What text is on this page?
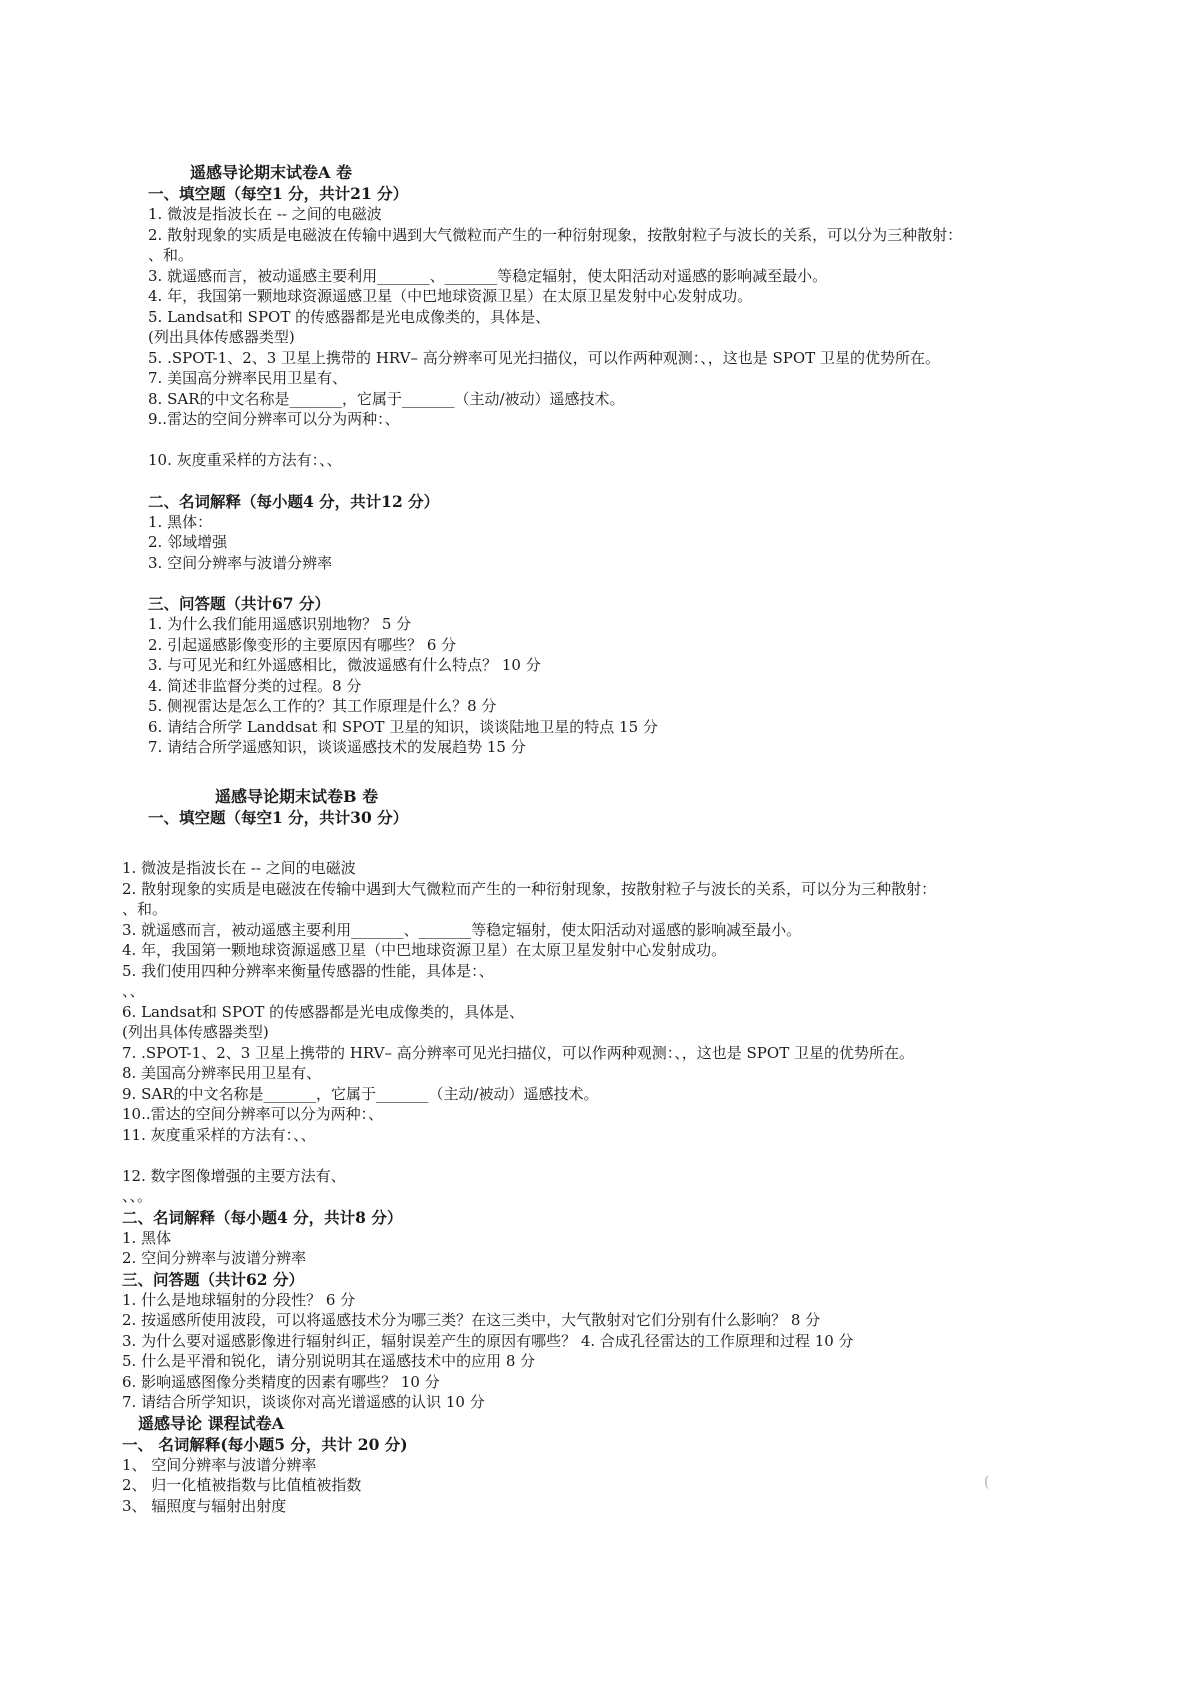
遥感导论期末试卷A 卷
一、填空题（每空1 分，共计21 分）
1. 微波是指波长在 -- 之间的电磁波
2. 散射现象的实质是电磁波在传输中遇到大气微粒而产生的一种衍射现象，按散射粒子与波长的关系，可以分为三种散射：
、和。
3. 就遥感而言，被动遥感主要利用_______、_______等稳定辐射，使太阳活动对遥感的影响减至最小。
4. 年，我国第一颗地球资源遥感卫星（中巴地球资源卫星）在太原卫星发射中心发射成功。
5. Landsat和 SPOT 的传感器都是光电成像类的，具体是、
(列出具体传感器类型)
5. .SPOT-1、2、3 卫星上携带的 HRV– 高分辨率可见光扫描仪，可以作两种观测：、，这也是 SPOT 卫星的优势所在。
7. 美国高分辨率民用卫星有、
8. SAR的中文名称是_______，它属于_______（主动/被动）遥感技术。
9..雷达的空间分辨率可以分为两种：、
10. 灰度重采样的方法有：、、
二、名词解释（每小题4 分，共计12 分）
1. 黑体：
2. 邻域增强
3. 空间分辨率与波谱分辨率
三、问答题（共计67 分）
1. 为什么我们能用遥感识别地物？ 5 分
2. 引起遥感影像变形的主要原因有哪些？ 6 分
3. 与可见光和红外遥感相比，微波遥感有什么特点？ 10 分
4. 简述非监督分类的过程。8 分
5. 侧视雷达是怎么工作的？其工作原理是什么？8 分
6. 请结合所学 Landdsat 和 SPOT 卫星的知识，谈谈陆地卫星的特点 15 分
7. 请结合所学遥感知识，谈谈遥感技术的发展趋势 15 分
遥感导论期末试卷B 卷
一、填空题（每空1 分，共计30 分）
1. 微波是指波长在 -- 之间的电磁波
2. 散射现象的实质是电磁波在传输中遇到大气微粒而产生的一种衍射现象，按散射粒子与波长的关系，可以分为三种散射：
、和。
3. 就遥感而言，被动遥感主要利用_______、_______等稳定辐射，使太阳活动对遥感的影响减至最小。
4. 年，我国第一颗地球资源遥感卫星（中巴地球资源卫星）在太原卫星发射中心发射成功。
5. 我们使用四种分辨率来衡量传感器的性能，具体是：、
、、
6. Landsat和 SPOT 的传感器都是光电成像类的，具体是、
(列出具体传感器类型)
7. .SPOT-1、2、3 卫星上携带的 HRV– 高分辨率可见光扫描仪，可以作两种观测：、，这也是 SPOT 卫星的优势所在。
8. 美国高分辨率民用卫星有、
9. SAR的中文名称是_______，它属于_______（主动/被动）遥感技术。
10..雷达的空间分辨率可以分为两种：、
11. 灰度重采样的方法有：、、
12. 数字图像增强的主要方法有、
、、。
二、名词解释（每小题4 分，共计8 分）
1. 黑体
2. 空间分辨率与波谱分辨率
三、问答题（共计62 分）
1. 什么是地球辐射的分段性？ 6 分
2. 按遥感所使用波段，可以将遥感技术分为哪三类？在这三类中，大气散射对它们分别有什么影响？ 8 分
3. 为什么要对遥感影像进行辐射纠正，辐射误差产生的原因有哪些？ 4. 合成孔径雷达的工作原理和过程 10 分
5. 什么是平滑和锐化，请分别说明其在遥感技术中的应用 8 分
6. 影响遥感图像分类精度的因素有哪些？ 10 分
7. 请结合所学知识，谈谈你对高光谱遥感的认识 10 分
遥感导论 课程试卷A
一、 名词解释(每小题5 分，共计 20 分)
1、 空间分辨率与波谱分辨率
2、 归一化植被指数与比值植被指数
3、 辐照度与辐射出射度
